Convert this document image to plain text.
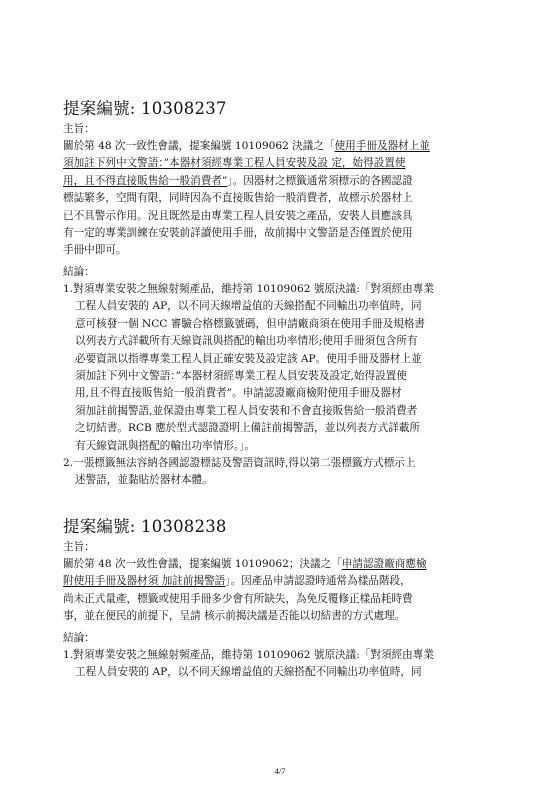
提案編號: 10308237
主旨：
關於第 48 次一致性會議，提案編號 10109062 決議之「使用手冊及器材上並
須加註下列中文警語：”本器材須經專業工程人員安裝及設 定，始得設置使
用，且不得直接販售給一般消費者”」。因器材之標籤通常須標示的各國認證
標誌繁多，空間有限，同時因為不直接販售給一般消費者，故標示於器材上
已不具警示作用。況且既然是由專業工程人員安裝之產品，安裝人員應該具
有一定的專業訓練在安裝前詳讀使用手冊，故前揭中文警語是否僅置於使用
手冊中即可。
結論：
1.對須專業安裝之無線射頻產品，維持第 10109062 號原決議:「對須經由專業
工程人員安裝的 AP，以不同天線增益值的天線搭配不同輸出功率值時，同
意可核發一個 NCC 審驗合格標籤號碼，但申請廠商須在使用手冊及規格書
以列表方式詳載所有天線資訊與搭配的輸出功率情形;使用手冊須包含所有
必要資訊以指導專業工程人員正確安裝及設定該 AP。使用手冊及器材上並
須加註下列中文警語：”本器材須經專業工程人員安裝及設定,始得設置使
用,且不得直接販售給一般消費者”。申請認證廠商檢附使用手冊及器材
須加註前揭警語,並保證由專業工程人員安裝和不會直接販售給一般消費者
之切結書。RCB 應於型式認證證明上備註前揭警語，並以列表方式詳載所
有天線資訊與搭配的輸出功率情形。」。
2.一張標籤無法容納各國認證標誌及警語資訊時,得以第二張標籤方式標示上
述警語，並黏貼於器材本體。
提案編號: 10308238
主旨：
關於第 48 次一致性會議，提案編號 10109062；決議之「申請認證廠商應檢
附使用手冊及器材須 加註前揭警語」。因產品申請認證時通常為樣品階段，
尚未正式量產，標籤或使用手冊多少會有所缺失，為免反覆修正樣品耗時費
事，並在便民的前提下，呈請 核示前揭決議是否能以切結書的方式處理。
結論：
1.對須專業安裝之無線射頻產品，維持第 10109062 號原決議:「對須經由專業
工程人員安裝的 AP，以不同天線增益值的天線搭配不同輸出功率值時，同
4/7
